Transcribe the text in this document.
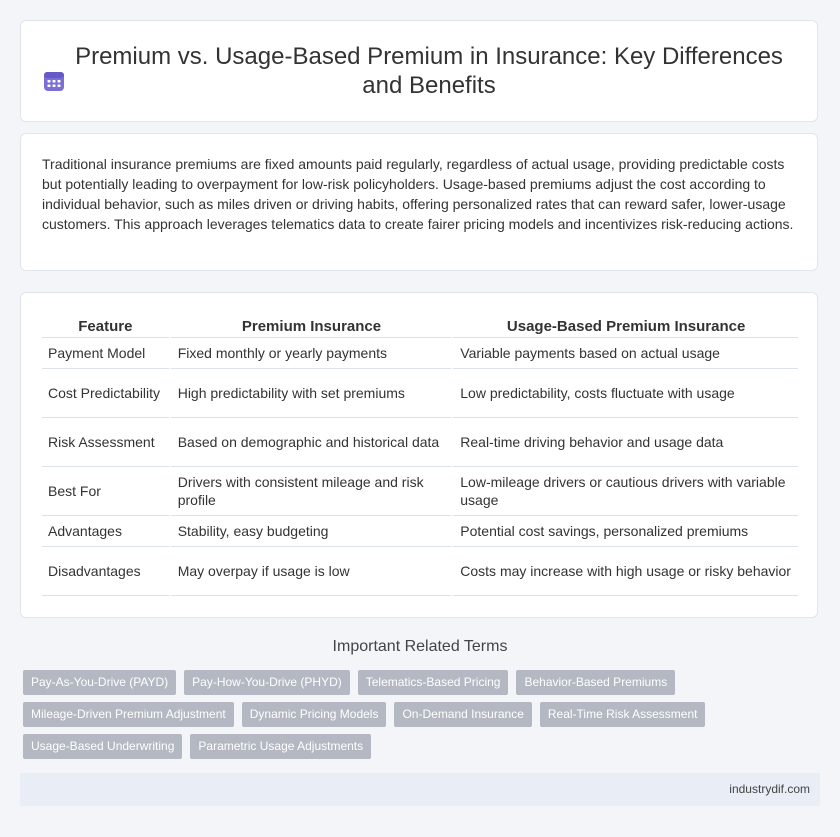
Premium vs. Usage-Based Premium in Insurance: Key Differences and Benefits

Traditional insurance premiums are fixed amounts paid regularly, regardless of actual usage, providing predictable costs but potentially leading to overpayment for low-risk policyholders. Usage-based premiums adjust the cost according to individual behavior, such as miles driven or driving habits, offering personalized rates that can reward safer, lower-usage customers. This approach leverages telematics data to create fairer pricing models and incentivizes risk-reducing actions.

Feature	Premium Insurance	Usage-Based Premium Insurance
Payment Model	Fixed monthly or yearly payments	Variable payments based on actual usage
Cost Predictability	High predictability with set premiums	Low predictability, costs fluctuate with usage
Risk Assessment	Based on demographic and historical data	Real-time driving behavior and usage data
Best For	Drivers with consistent mileage and risk profile	Low-mileage drivers or cautious drivers with variable usage
Advantages	Stability, easy budgeting	Potential cost savings, personalized premiums
Disadvantages	May overpay if usage is low	Costs may increase with high usage or risky behavior
Important Related Terms
Pay-As-You-Drive (PAYD)	Pay-How-You-Drive (PHYD)	Telematics-Based Pricing	Behavior-Based Premiums
Mileage-Driven Premium Adjustment	Dynamic Pricing Models	On-Demand Insurance	Real-Time Risk Assessment
Usage-Based Underwriting	Parametric Usage Adjustments
industrydif.com
